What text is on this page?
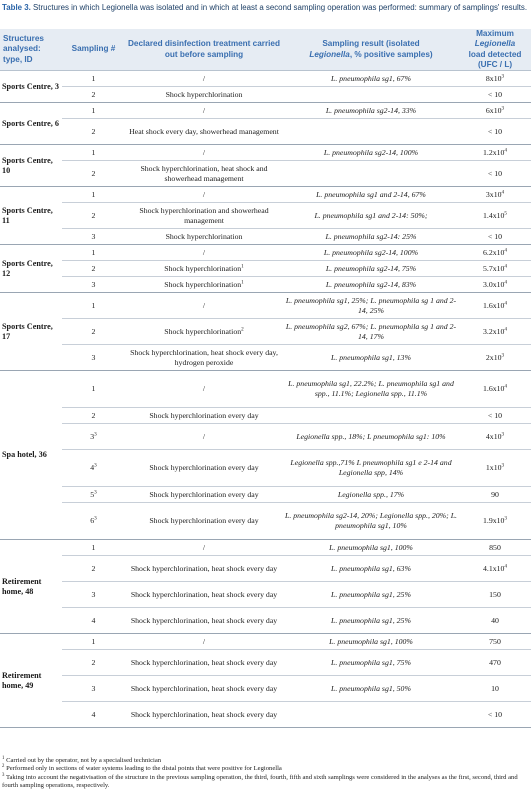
Table 3. Structures in which Legionella was isolated and in which at least a second sampling operation was performed: summary of samplings' results.
Structures analysed: type, ID	Sampling #	Declared disinfection treatment carried out before sampling	Sampling result (isolated
Legionella, % positive samples)	Maximum
Legionella
load detected (UFC / L)
Sports Centre, 3	1	/	L. pneumophila sg1, 67%	$8x10^3$
	2	Shock hyperchlorination		< 10
Sports Centre, 6	1	/	L. pneumophila sg2-14, 33%	$6x10^3$
	2	Heat shock every day, showerhead management		< 10
Sports Centre, 10	1	/	L. pneumophila sg2-14, 100%	$1.2x10^4$
	2	Shock hyperchlorination, heat shock and showerhead management		< 10
Sports Centre, 11	1	/	L. pneumophila sg1 and 2-14, 67%	$3x10^4$
	2	Shock hyperchlorination and showerhead management	L. pneumophila sg1 and 2-14: 50%;	$1.4x10^5$
	3	Shock hyperchlorination	L. pneumophila sg2-14: 25%	< 10
Sports Centre, 12	1	/	L. pneumophila sg2-14, 100%	$6.2x10^4$
	2	Shock hyperchlorination$^1$	L. pneumophila sg2-14, 75%	$5.7x10^4$
	3	Shock hyperchlorination$^1$	L. pneumophila sg2-14, 83%	$3.0x10^4$
Sports Centre, 17	1	/	L. pneumophila sg1, 25%; L. pneumophila sg 1 and 2-14, 25%	$1.6x10^4$
	2	Shock hyperchlorination$^2$	L. pneumophila sg2, 67%; L. pneumophila sg 1 and 2-14, 17%	$3.2x10^4$
	3	Shock hyperchlorination, heat shock every day, hydrogen peroxide	L. pneumophila sg1, 13%	$2x10^3$
Spa hotel, 36	1	/	L. pneumophila sg1, 22.2%; L. pneumophila sg1 and spp., 11.1%; Legionella spp., 11.1%	$1.6x10^4$
	2	Shock hyperchlorination every day		< 10
	$3^3$	/	Legionella spp., 18%; L pneumophila sg1: 10%	$4x10^3$
	$4^3$	Shock hyperchlorination every day	Legionella spp.,71% L pneumophila sg1 e 2-14 and Legionella spp, 14%	$1x10^3$
	$5^3$	Shock hyperchlorination every day	Legionella spp., 17%	90
	$6^3$	Shock hyperchlorination every day	L. pneumophila sg2-14, 20%; Legionella spp., 20%; L. pneumophila sg1, 10%	$1.9x10^3$
Retirement home, 48	1	/	L. pneumophila sg1, 100%	850
	2	Shock hyperchlorination, heat shock every day	L. pneumophila sg1, 63%	$4.1x10^4$
	3	Shock hyperchlorination, heat shock every day	L. pneumophila sg1, 25%	150
	4	Shock hyperchlorination, heat shock every day	L. pneumophila sg1, 25%	40
Retirement home, 49	1	/	L. pneumophila sg1, 100%	750
	2	Shock hyperchlorination, heat shock every day	L. pneumophila sg1, 75%	470
	3	Shock hyperchlorination, heat shock every day	L. pneumophila sg1, 50%	10
	4	Shock hyperchlorination, heat shock every day		< 10

$^1$ Carried out by the operator, not by a specialised technician

$^2$ Performed only in sections of water systems leading to the distal points that were positive for Legionella

$^3$ Taking into account the negativisation of the structure in the previous sampling operation, the third, fourth, fifth and sixth samplings were considered in the analyses as the first, second, third and fourth sampling operations, respectively.
